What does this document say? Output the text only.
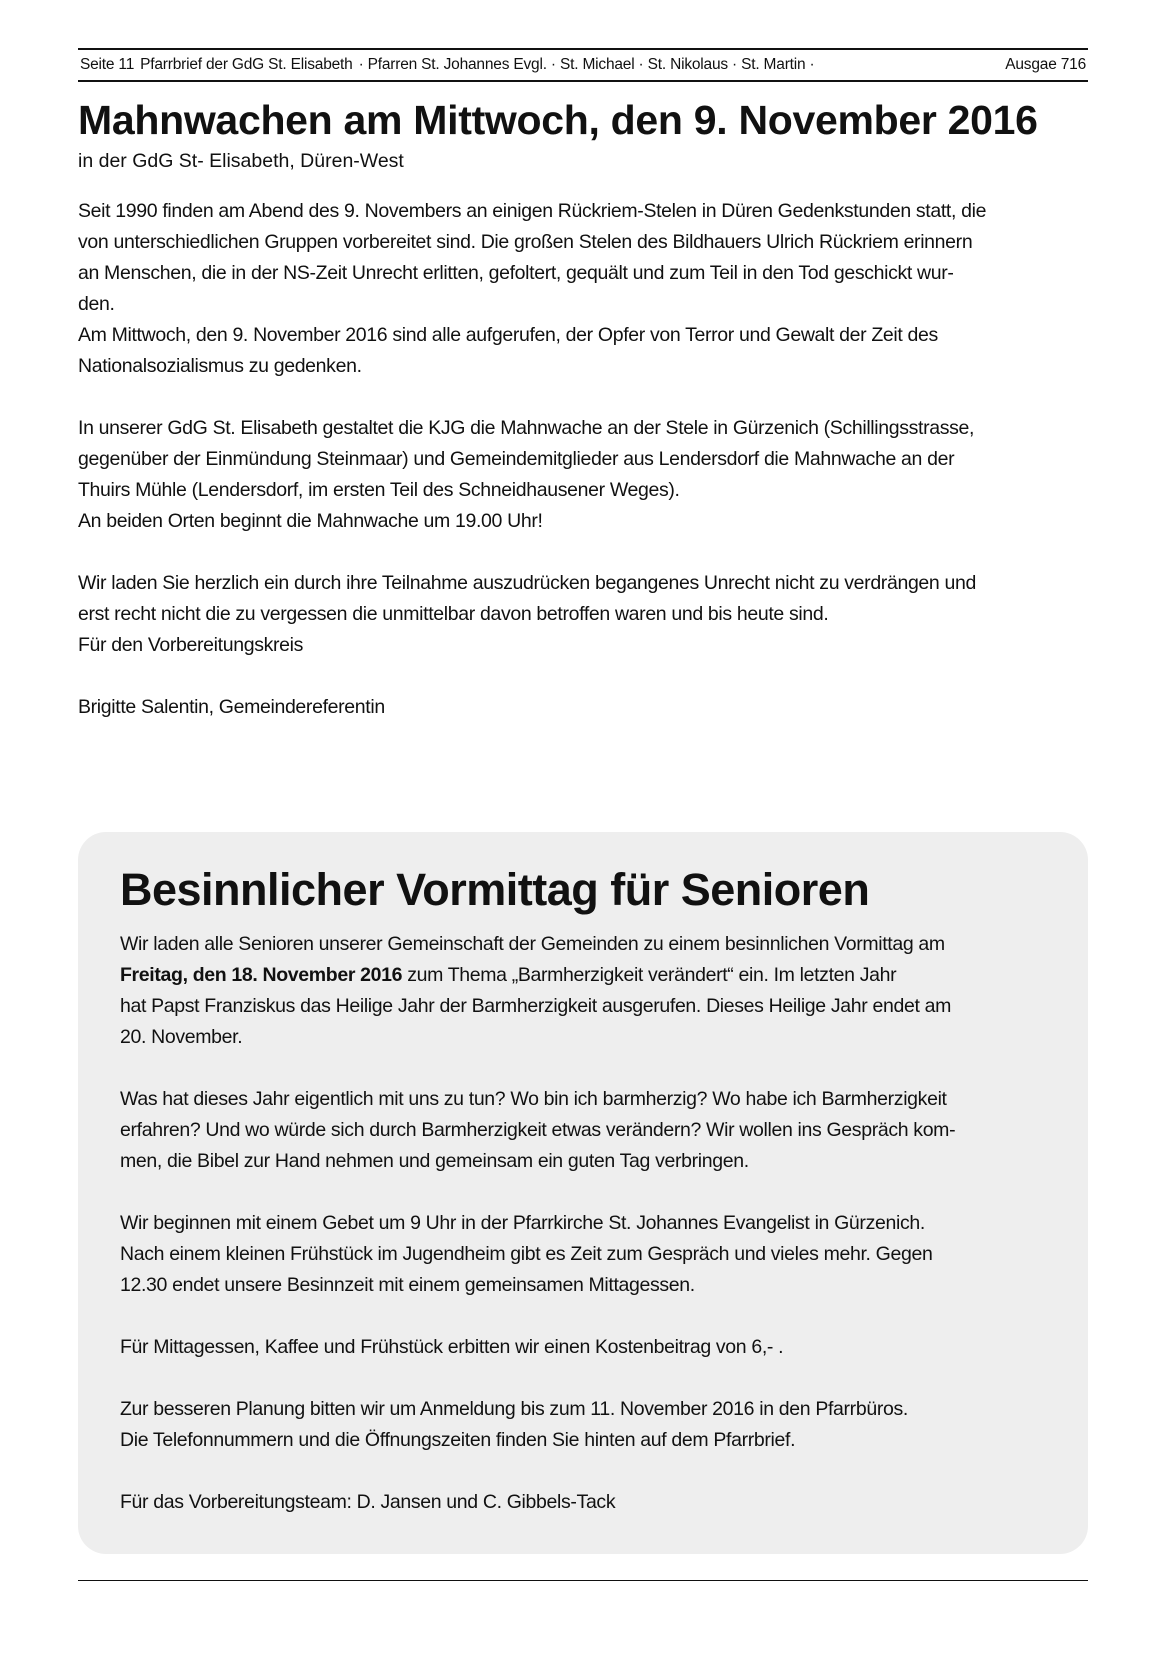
Seite 11 Pfarrbrief der GdG St. Elisabeth · Pfarren St. Johannes Evgl. · St. Michael · St. Nikolaus · St. Martin ·	Ausgae 716
Mahnwachen am Mittwoch, den 9. November 2016
in der GdG St- Elisabeth, Düren-West

Seit 1990 finden am Abend des 9. Novembers an einigen Rückriem-Stelen in Düren Gedenkstunden statt, die

von unterschiedlichen Gruppen vorbereitet sind. Die großen Stelen des Bildhauers Ulrich Rückriem erinnern

an Menschen, die in der NS-Zeit Unrecht erlitten, gefoltert, gequält und zum Teil in den Tod geschickt wur-

den.

Am Mittwoch, den 9. November 2016 sind alle aufgerufen, der Opfer von Terror und Gewalt der Zeit des

Nationalsozialismus zu gedenken.

In unserer GdG St. Elisabeth gestaltet die KJG die Mahnwache an der Stele in Gürzenich (Schillingsstrasse,

gegenüber der Einmündung Steinmaar) und Gemeindemitglieder aus Lendersdorf die Mahnwache an der

Thuirs Mühle (Lendersdorf, im ersten Teil des Schneidhausener Weges).

An beiden Orten beginnt die Mahnwache um 19.00 Uhr!

Wir laden Sie herzlich ein durch ihre Teilnahme auszudrücken begangenes Unrecht nicht zu verdrängen und

erst recht nicht die zu vergessen die unmittelbar davon betroffen waren und bis heute sind.

Für den Vorbereitungskreis

Brigitte Salentin, Gemeindereferentin

Besinnlicher Vormittag für Senioren

Wir laden alle Senioren unserer Gemeinschaft der Gemeinden zu einem besinnlichen Vormittag am

Freitag, den 18. November 2016 zum Thema „Barmherzigkeit verändert“ ein. Im letzten Jahr

hat Papst Franziskus das Heilige Jahr der Barmherzigkeit ausgerufen. Dieses Heilige Jahr endet am

20. November.

Was hat dieses Jahr eigentlich mit uns zu tun? Wo bin ich barmherzig? Wo habe ich Barmherzigkeit

erfahren? Und wo würde sich durch Barmherzigkeit etwas verändern? Wir wollen ins Gespräch kom-

men, die Bibel zur Hand nehmen und gemeinsam ein guten Tag verbringen.

Wir beginnen mit einem Gebet um 9 Uhr in der Pfarrkirche St. Johannes Evangelist in Gürzenich.

Nach einem kleinen Frühstück im Jugendheim gibt es Zeit zum Gespräch und vieles mehr. Gegen

12.30 endet unsere Besinnzeit mit einem gemeinsamen Mittagessen.

Für Mittagessen, Kaffee und Frühstück erbitten wir einen Kostenbeitrag von 6,- .

Zur besseren Planung bitten wir um Anmeldung bis zum 11. November 2016 in den Pfarrbüros.

Die Telefonnummern und die Öffnungszeiten finden Sie hinten auf dem Pfarrbrief.

Für das Vorbereitungsteam: D. Jansen und C. Gibbels-Tack
